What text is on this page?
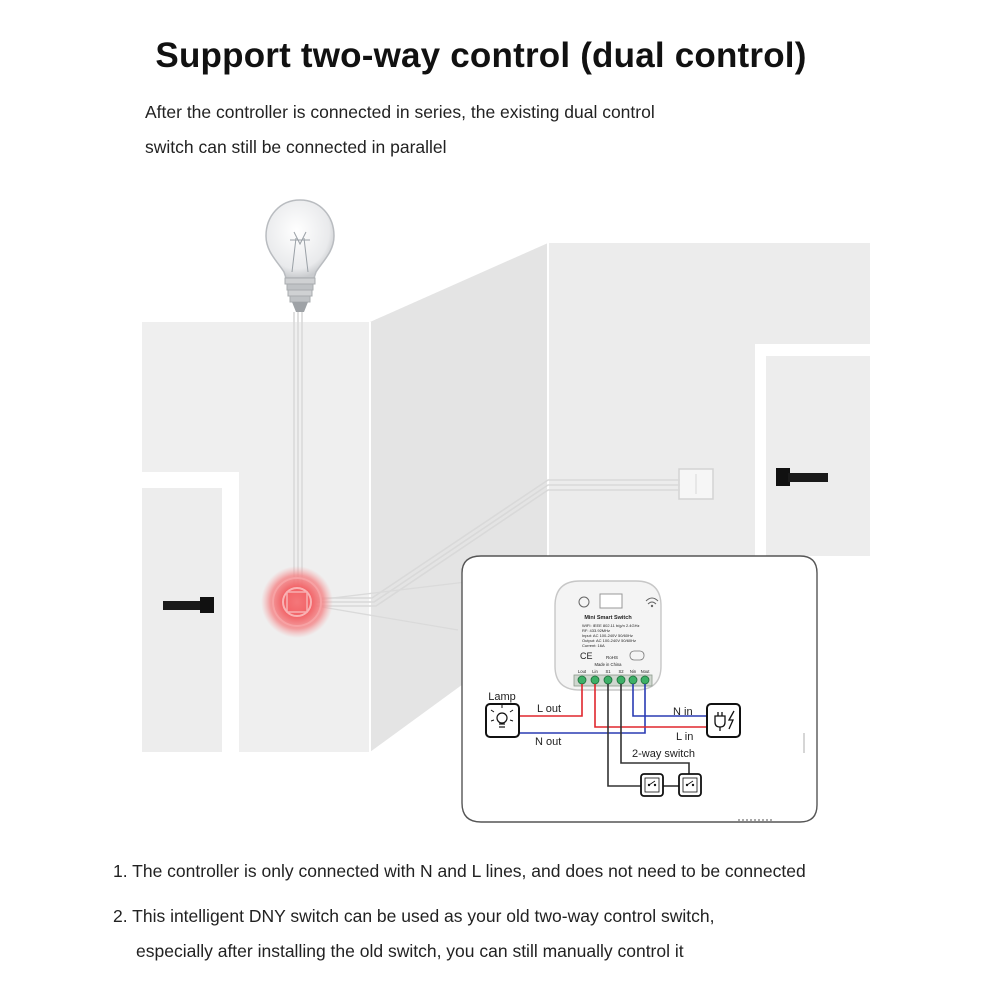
Support two-way control (dual control)
After the controller is connected in series, the existing dual control
switch can still be connected in parallel
Mini Smart Switch
WIFI: IEEE 802.11 b/g/n 2.4GHz
RF: 433.92MHz
Input: AC 100-240V 50/60Hz
Output: AC 100-240V 50/60Hz
Current: 16A
CE	RoHS
Made in China
Lout Lin S1 S2 Nin Nout
Lamp
L out
N out
N in
L in
2-way switch
1. The controller is only connected with N and L lines, and does not need to be connected
2. This intelligent DNY switch can be used as your old two-way control switch,
especially after installing the old switch, you can still manually control it
